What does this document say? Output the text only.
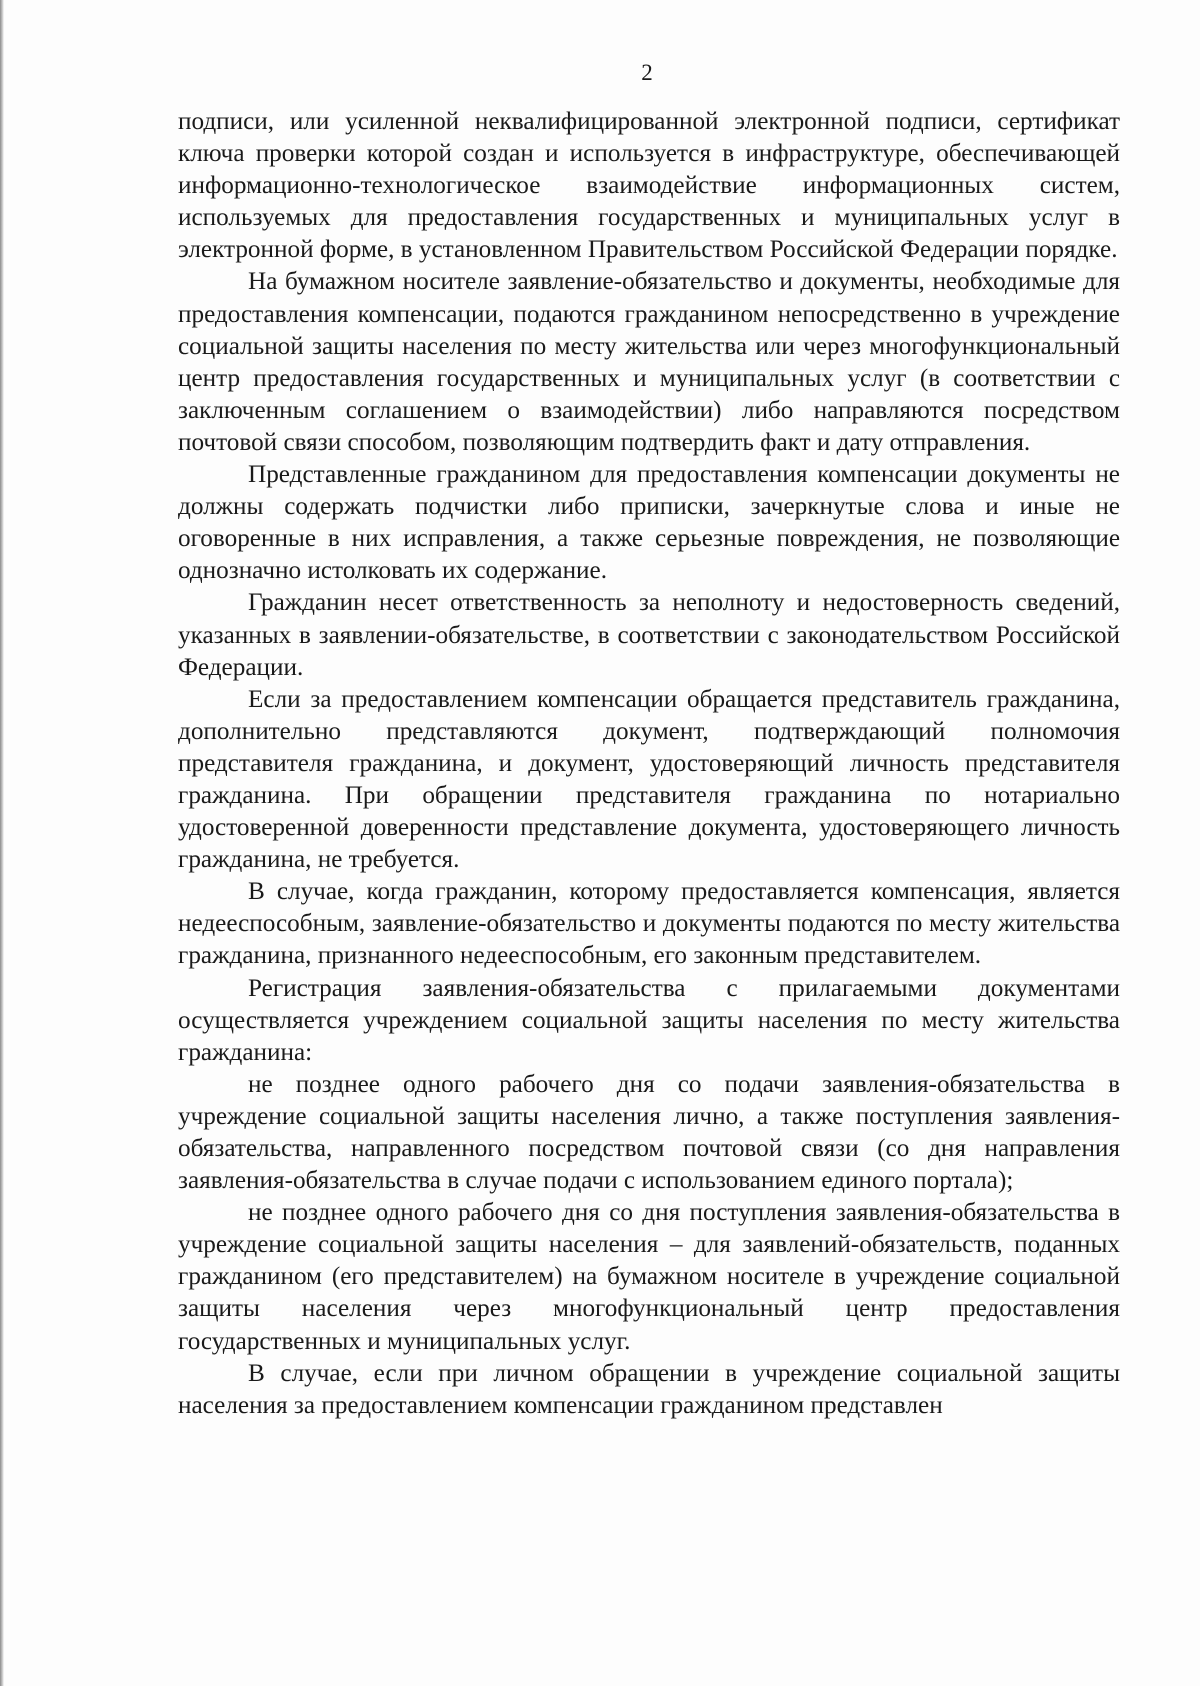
2

подписи, или усиленной неквалифицированной электронной подписи, сертификат ключа проверки которой создан и используется в инфраструктуре, обеспечивающей информационно-технологическое взаимодействие информационных систем, используемых для предоставления государственных и муниципальных услуг в электронной форме, в установленном Правительством Российской Федерации порядке.

На бумажном носителе заявление-обязательство и документы, необходимые для предоставления компенсации, подаются гражданином непосредственно в учреждение социальной защиты населения по месту жительства или через многофункциональный центр предоставления государственных и муниципальных услуг (в соответствии с заключенным соглашением о взаимодействии) либо направляются посредством почтовой связи способом, позволяющим подтвердить факт и дату отправления.

Представленные гражданином для предоставления компенсации документы не должны содержать подчистки либо приписки, зачеркнутые слова и иные не оговоренные в них исправления, а также серьезные повреждения, не позволяющие однозначно истолковать их содержание.

Гражданин несет ответственность за неполноту и недостоверность сведений, указанных в заявлении-обязательстве, в соответствии с законодательством Российской Федерации.

Если за предоставлением компенсации обращается представитель гражданина, дополнительно представляются документ, подтверждающий полномочия представителя гражданина, и документ, удостоверяющий личность представителя гражданина. При обращении представителя гражданина по нотариально удостоверенной доверенности представление документа, удостоверяющего личность гражданина, не требуется.

В случае, когда гражданин, которому предоставляется компенсация, является недееспособным, заявление-обязательство и документы подаются по месту жительства гражданина, признанного недееспособным, его законным представителем.

Регистрация заявления-обязательства с прилагаемыми документами осуществляется учреждением социальной защиты населения по месту жительства гражданина:

не позднее одного рабочего дня со подачи заявления-обязательства в учреждение социальной защиты населения лично, а также поступления заявления-обязательства, направленного посредством почтовой связи (со дня направления заявления-обязательства в случае подачи с использованием единого портала);

не позднее одного рабочего дня со дня поступления заявления-обязательства в учреждение социальной защиты населения – для заявлений-обязательств, поданных гражданином (его представителем) на бумажном носителе в учреждение социальной защиты населения через многофункциональный центр предоставления государственных и муниципальных услуг.

В случае, если при личном обращении в учреждение социальной защиты населения за предоставлением компенсации гражданином представлен
